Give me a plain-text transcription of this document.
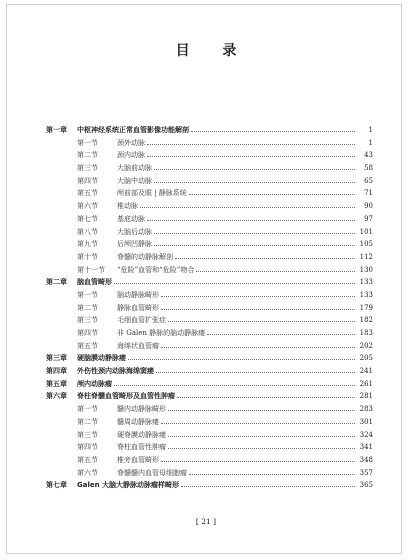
目 录
第一章	中枢神经系统正常血管影像功能解剖	1
第一节	颈外动脉	1
第二节	颈内动脉	43
第三节	大脑前动脉	58
第四节	大脑中动脉	65
第五节	颅前部及眼 | 静脉系统	71
第六节	椎动脉	90
第七节	基底动脉	97
第八节	大脑后动脉	101
第九节	后颅凹静脉	105
第十节	脊髓的动静脉解剖	112
第十一节	“危险”血管和“危险”吻合	130
第二章	脑血管畸形	133
第一节	脑动静脉畸形	133
第二节	静脉血管畸形	179
第三节	毛细血管扩张症	182
第四节	非 Galen 静脉的脑动静脉瘘	183
第五节	海绵状血管瘤	202
第三章	硬脑膜动静脉瘘	205
第四章	外伤性颈内动脉海绵窦瘘	241
第五章	颅内动脉瘤	261
第六章	脊柱脊髓血管畸形及血管性肿瘤	281
第一节	髓内动静脉畸形	283
第二节	髓周动静脉瘘	301
第三节	硬脊膜动静脉瘘	324
第四节	脊柱血管性肿瘤	341
第五节	椎旁血管畸形	348
第六节	脊髓髓内血管母细胞瘤	357
第七章	Galen 大脑大静脉动脉瘤样畸形	365
[ 21 ]
